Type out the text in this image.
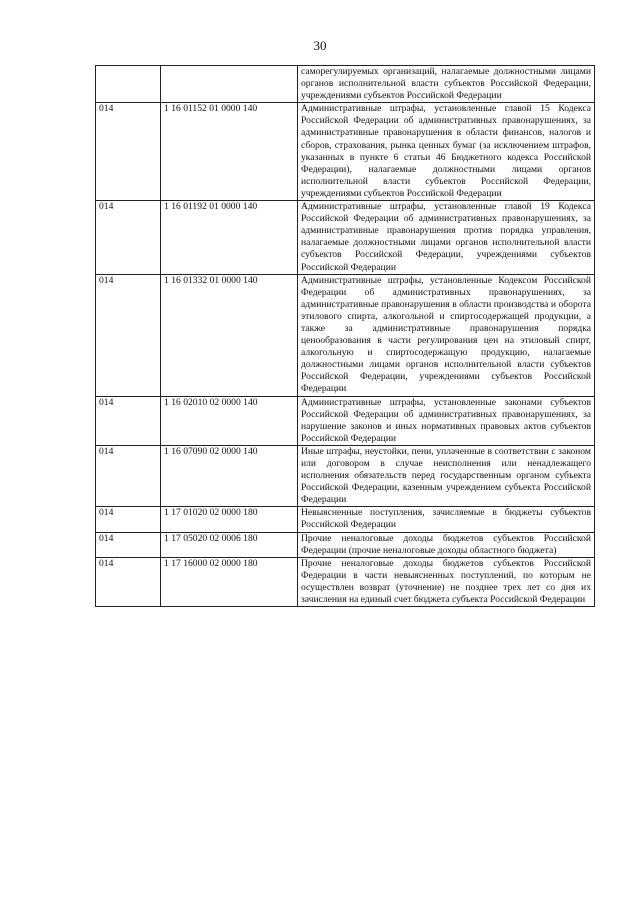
30
		саморегулируемых организаций, налагаемые должностными лицами органов исполнительной власти субъектов Российской Федерации, учреждениями субъектов Российской Федерации
014	1 16 01152 01 0000 140	Административные штрафы, установленные главой 15 Кодекса Российской Федерации об административных правонарушениях, за административные правонарушения в области финансов, налогов и сборов, страхования, рынка ценных бумаг (за исключением штрафов, указанных в пункте 6 статьи 46 Бюджетного кодекса Российской Федерации), налагаемые должностными лицами органов исполнительной власти субъектов Российской Федерации, учреждениями субъектов Российской Федерации
014	1 16 01192 01 0000 140	Административные штрафы, установленные главой 19 Кодекса Российской Федерации об административных правонарушениях, за административные правонарушения против порядка управления, налагаемые должностными лицами органов исполнительной власти субъектов Российской Федерации, учреждениями субъектов Российской Федерации
014	1 16 01332 01 0000 140	Административные штрафы, установленные Кодексом Российской Федерации об административных правонарушениях, за административные правонарушения в области производства и оборота этилового спирта, алкогольной и спиртосодержащей продукции, а также за административные правонарушения порядка ценообразования в части регулирования цен на этиловый спирт, алкогольную и спиртосодержащую продукцию, налагаемые должностными лицами органов исполнительной власти субъектов Российской Федерации, учреждениями субъектов Российской Федерации
014	1 16 02010 02 0000 140	Административные штрафы, установленные законами субъектов Российской Федерации об административных правонарушениях, за нарушение законов и иных нормативных правовых актов субъектов Российской Федерации
014	1 16 07090 02 0000 140	Иные штрафы, неустойки, пени, уплаченные в соответствии с законом или договором в случае неисполнения или ненадлежащего исполнения обязательств перед государственным органом субъекта Российской Федерации, казенным учреждением субъекта Российской Федерации
014	1 17 01020 02 0000 180	Невыясненные поступления, зачисляемые в бюджеты субъектов Российской Федерации
014	1 17 05020 02 0006 180	Прочие неналоговые доходы бюджетов субъектов Российской Федерации (прочие неналоговые доходы областного бюджета)
014	1 17 16000 02 0000 180	Прочие неналоговые доходы бюджетов субъектов Российской Федерации в части невыясненных поступлений, по которым не осуществлен возврат (уточнение) не позднее трех лет со дня их зачисления на единый счет бюджета субъекта Российской Федерации
